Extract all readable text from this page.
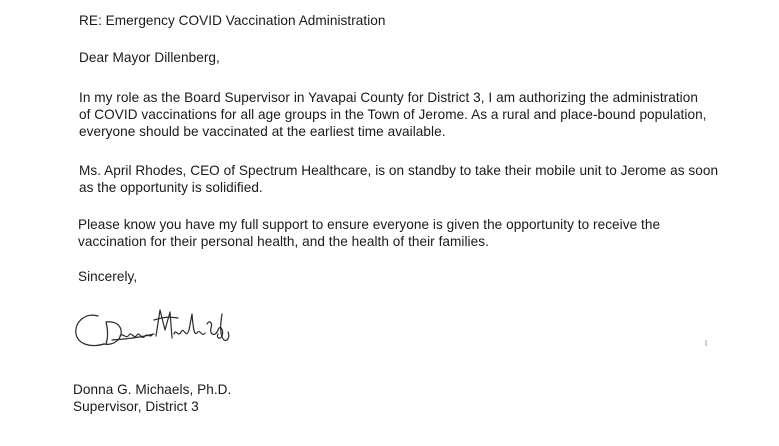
RE: Emergency COVID Vaccination Administration
Dear Mayor Dillenberg,
In my role as the Board Supervisor in Yavapai County for District 3, I am authorizing the administration
of COVID vaccinations for all age groups in the Town of Jerome. As a rural and place-bound population,
everyone should be vaccinated at the earliest time available.
Ms. April Rhodes, CEO of Spectrum Healthcare, is on standby to take their mobile unit to Jerome as soon
as the opportunity is solidified.
Please know you have my full support to ensure everyone is given the opportunity to receive the
vaccination for their personal health, and the health of their families.
Sincerely,
Donna G. Michaels, Ph.D.
Supervisor, District 3
